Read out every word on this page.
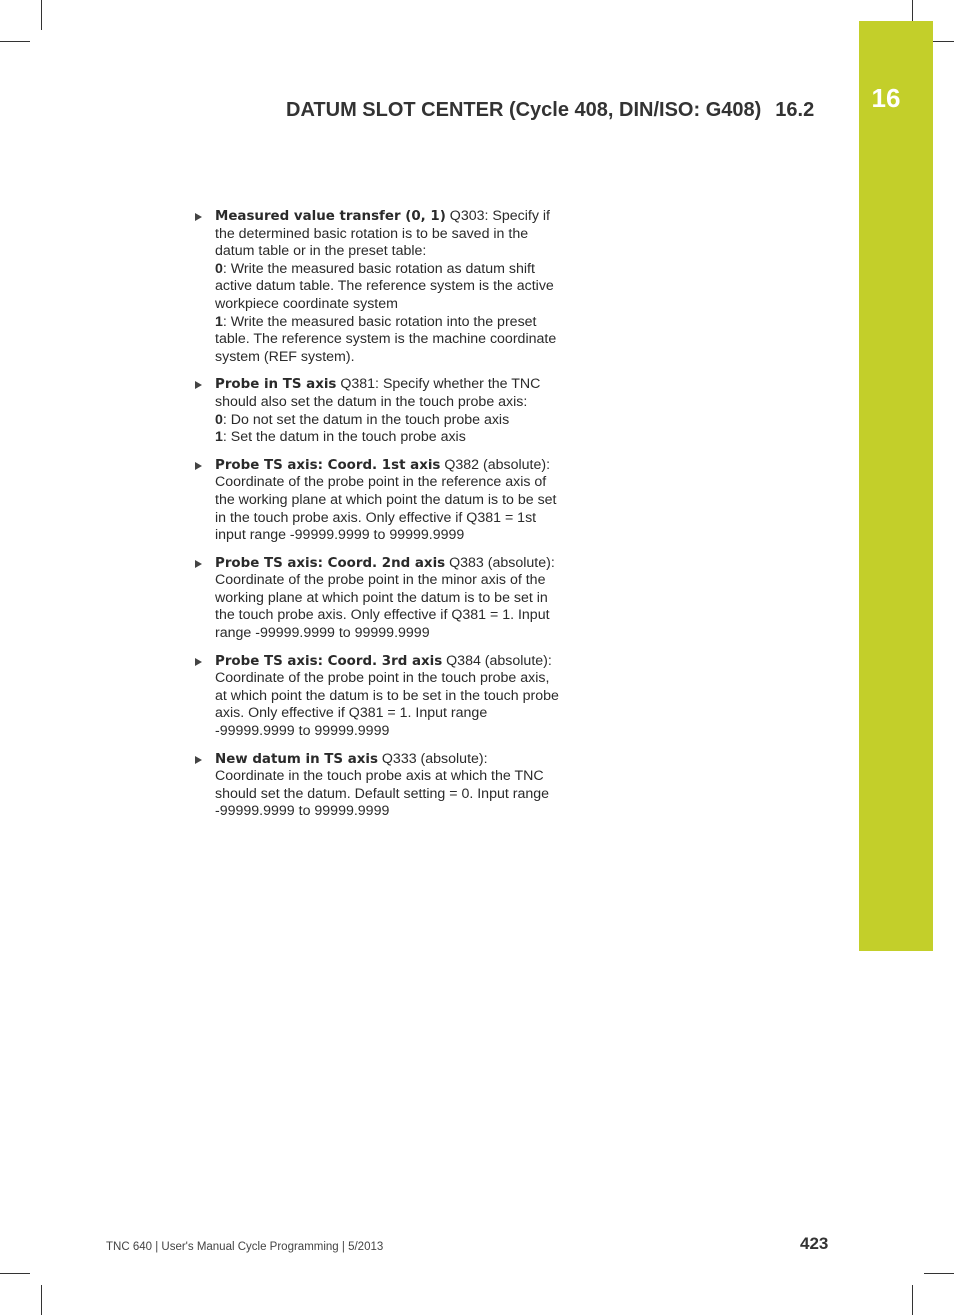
16
DATUM SLOT CENTER (Cycle 408, DIN/ISO: G408) 16.2
Measured value transfer (0, 1) Q303: Specify if the determined basic rotation is to be saved in the datum table or in the preset table:
0: Write the measured basic rotation as datum shift active datum table. The reference system is the active workpiece coordinate system
1: Write the measured basic rotation into the preset table. The reference system is the machine coordinate system (REF system).
Probe in TS axis Q381: Specify whether the TNC should also set the datum in the touch probe axis:
0: Do not set the datum in the touch probe axis
1: Set the datum in the touch probe axis
Probe TS axis: Coord. 1st axis Q382 (absolute): Coordinate of the probe point in the reference axis of the working plane at which point the datum is to be set in the touch probe axis. Only effective if Q381 = 1st input range -99999.9999 to 99999.9999
Probe TS axis: Coord. 2nd axis Q383 (absolute): Coordinate of the probe point in the minor axis of the working plane at which point the datum is to be set in the touch probe axis. Only effective if Q381 = 1. Input range -99999.9999 to 99999.9999
Probe TS axis: Coord. 3rd axis Q384 (absolute): Coordinate of the probe point in the touch probe axis, at which point the datum is to be set in the touch probe axis. Only effective if Q381 = 1. Input range -99999.9999 to 99999.9999
New datum in TS axis Q333 (absolute): Coordinate in the touch probe axis at which the TNC should set the datum. Default setting = 0. Input range -99999.9999 to 99999.9999
TNC 640 | User's Manual Cycle Programming | 5/2013	423
